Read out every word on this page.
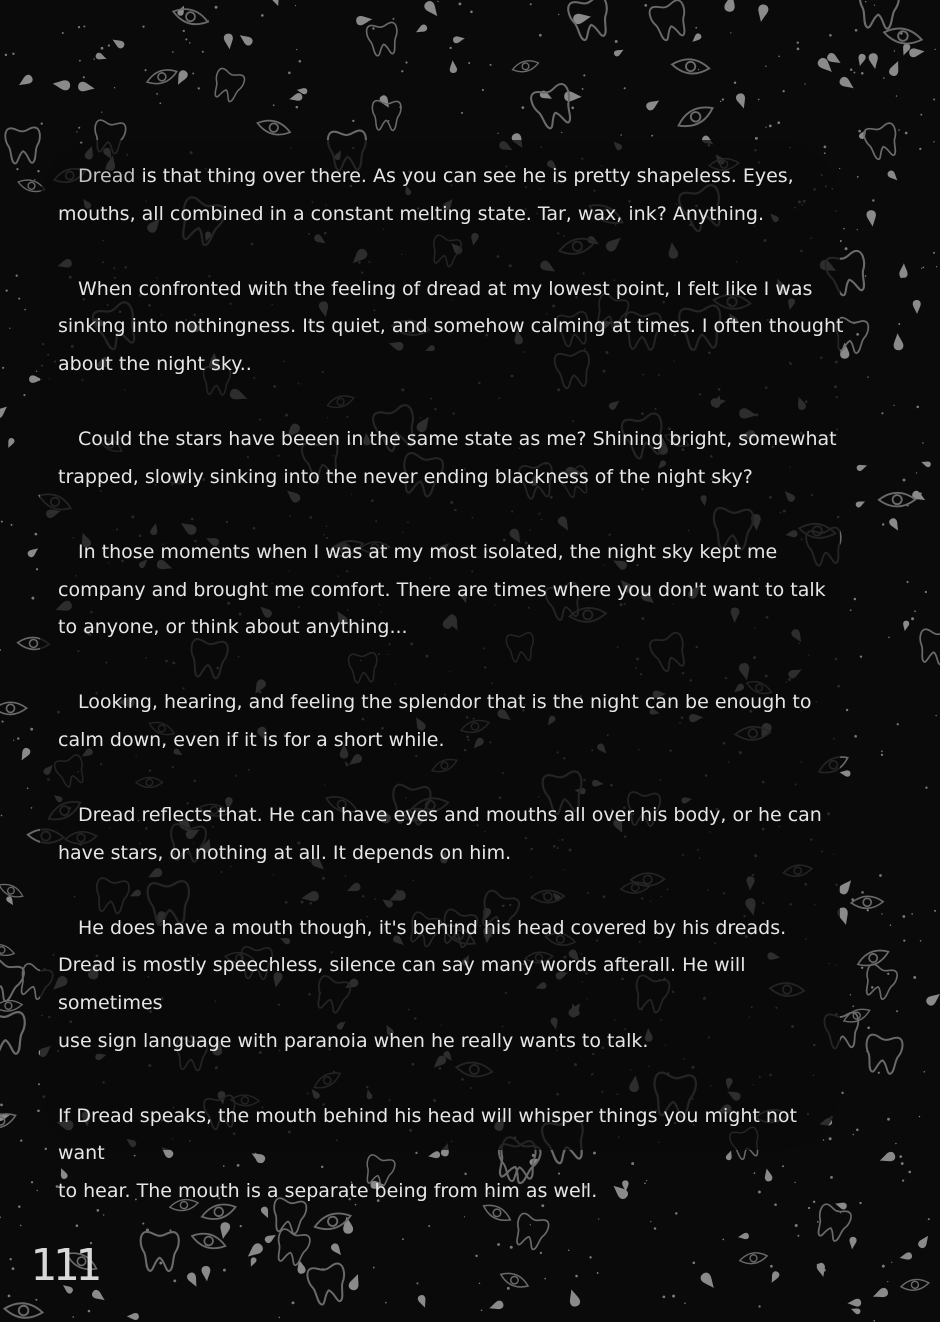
Dread is that thing over there. As you can see he is pretty shapeless. Eyes,
mouths, all combined in a constant melting state. Tar, wax, ink? Anything.

When confronted with the feeling of dread at my lowest point, I felt like I was
sinking into nothingness. Its quiet, and somehow calming at times. I often thought
about the night sky..

Could the stars have beeen in the same state as me? Shining bright, somewhat
trapped, slowly sinking into the never ending blackness of the night sky?

In those moments when I was at my most isolated, the night sky kept me
company and brought me comfort. There are times where you don't want to talk
to anyone, or think about anything...

Looking, hearing, and feeling the splendor that is the night can be enough to
calm down, even if it is for a short while.

Dread reflects that. He can have eyes and mouths all over his body, or he can
have stars, or nothing at all. It depends on him.

He does have a mouth though, it's behind his head covered by his dreads.
Dread is mostly speechless, silence can say many words afterall. He will sometimes
use sign language with paranoia when he really wants to talk.

If Dread speaks, the mouth behind his head will whisper things you might not want
to hear. The mouth is a separate being from him as well.

111
